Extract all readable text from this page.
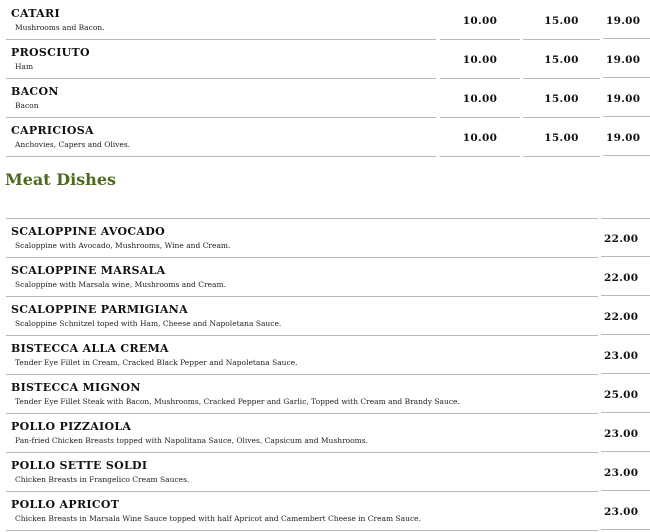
CATARI
Mushrooms and Bacon.
10.00	15.00	19.00
PROSCIUTO
Ham
10.00	15.00	19.00
BACON
Bacon
10.00	15.00	19.00
CAPRICIOSA
Anchovies, Capers and Olives.
10.00	15.00	19.00
Meat Dishes
SCALOPPINE AVOCADO
Scaloppine with Avocado, Mushrooms, Wine and Cream.
22.00
SCALOPPINE MARSALA
Scaloppine with Marsala wine, Mushrooms and Cream.
22.00
SCALOPPINE PARMIGIANA
Scaloppine Schnitzel toped with Ham, Cheese and Napoletana Sauce.
22.00
BISTECCA ALLA CREMA
Tender Eye Fillet in Cream, Cracked Black Pepper and Napoletana Sauce.
23.00
BISTECCA MIGNON
Tender Eye Fillet Steak with Bacon, Mushrooms, Cracked Pepper and Garlic, Topped with Cream and Brandy Sauce.
25.00
POLLO PIZZAIOLA
Pan-fried Chicken Breasts topped with Napolitana Sauce, Olives, Capsicum and Mushrooms.
23.00
POLLO SETTE SOLDI
Chicken Breasts in Frangelico Cream Sauces.
23.00
POLLO APRICOT
Chicken Breasts in Marsala Wine Sauce topped with half Apricot and Camembert Cheese in Cream Sauce.
23.00
